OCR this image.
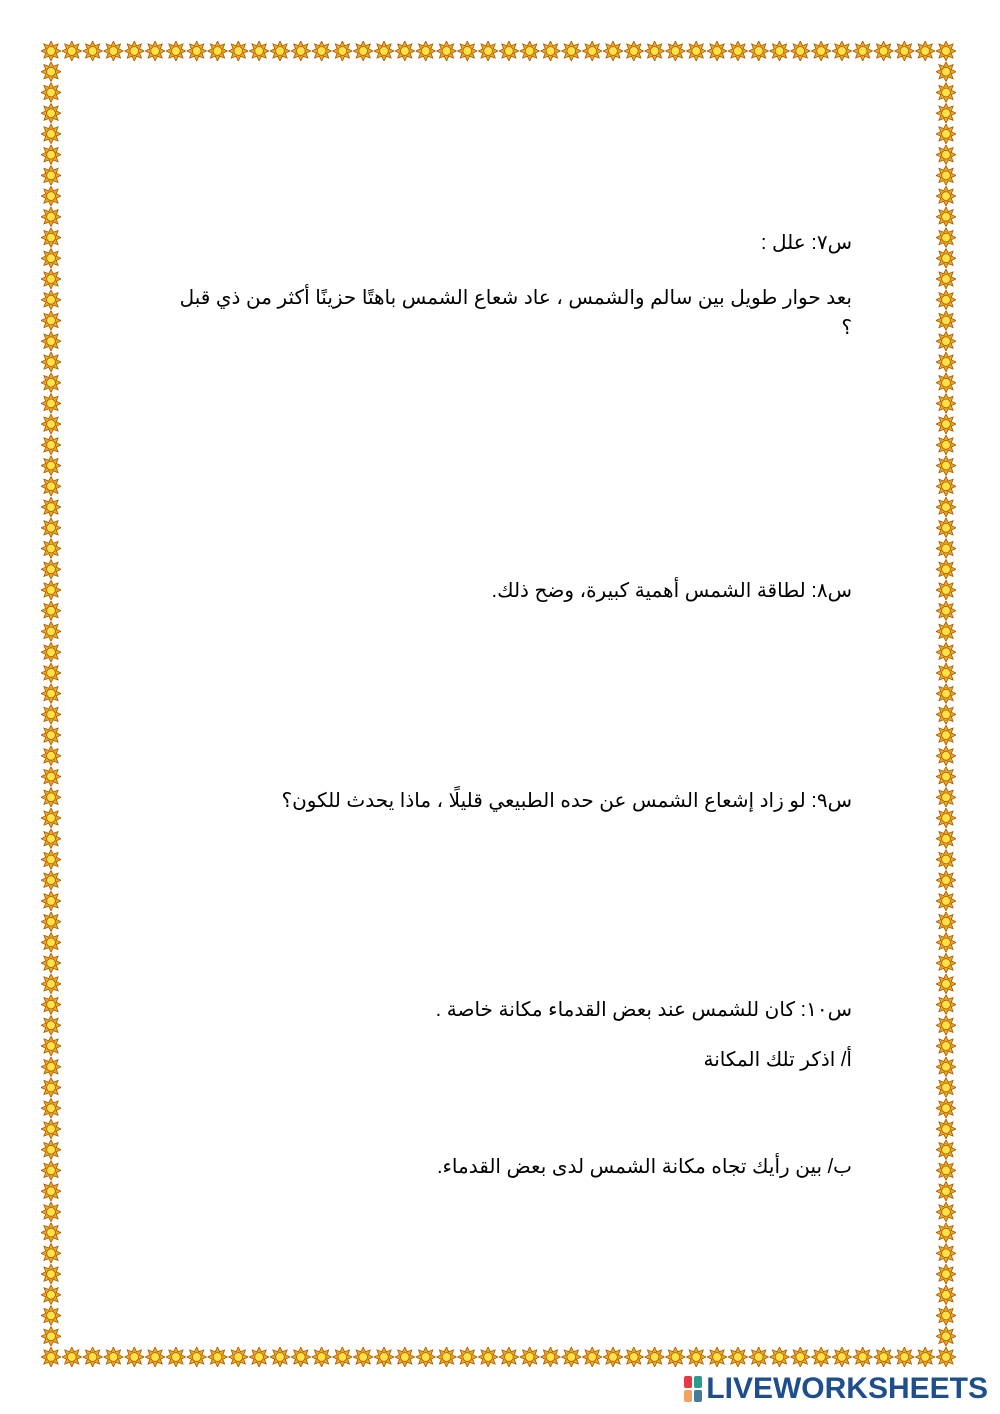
س٧: علل :

بعد حوار طويل بين سالم والشمس ، عاد شعاع الشمس باهتًا حزينًا أكثر من ذي قبل ؟

س٨: لطاقة الشمس أهمية كبيرة، وضح ذلك.

س٩: لو زاد إشعاع الشمس عن حده الطبيعي قليلًا ، ماذا يحدث للكون؟

س١٠: كان للشمس عند بعض القدماء مكانة خاصة .

أ/ اذكر تلك المكانة

ب/ بين رأيك تجاه مكانة الشمس لدى بعض القدماء.

LIVEWORKSHEETS
